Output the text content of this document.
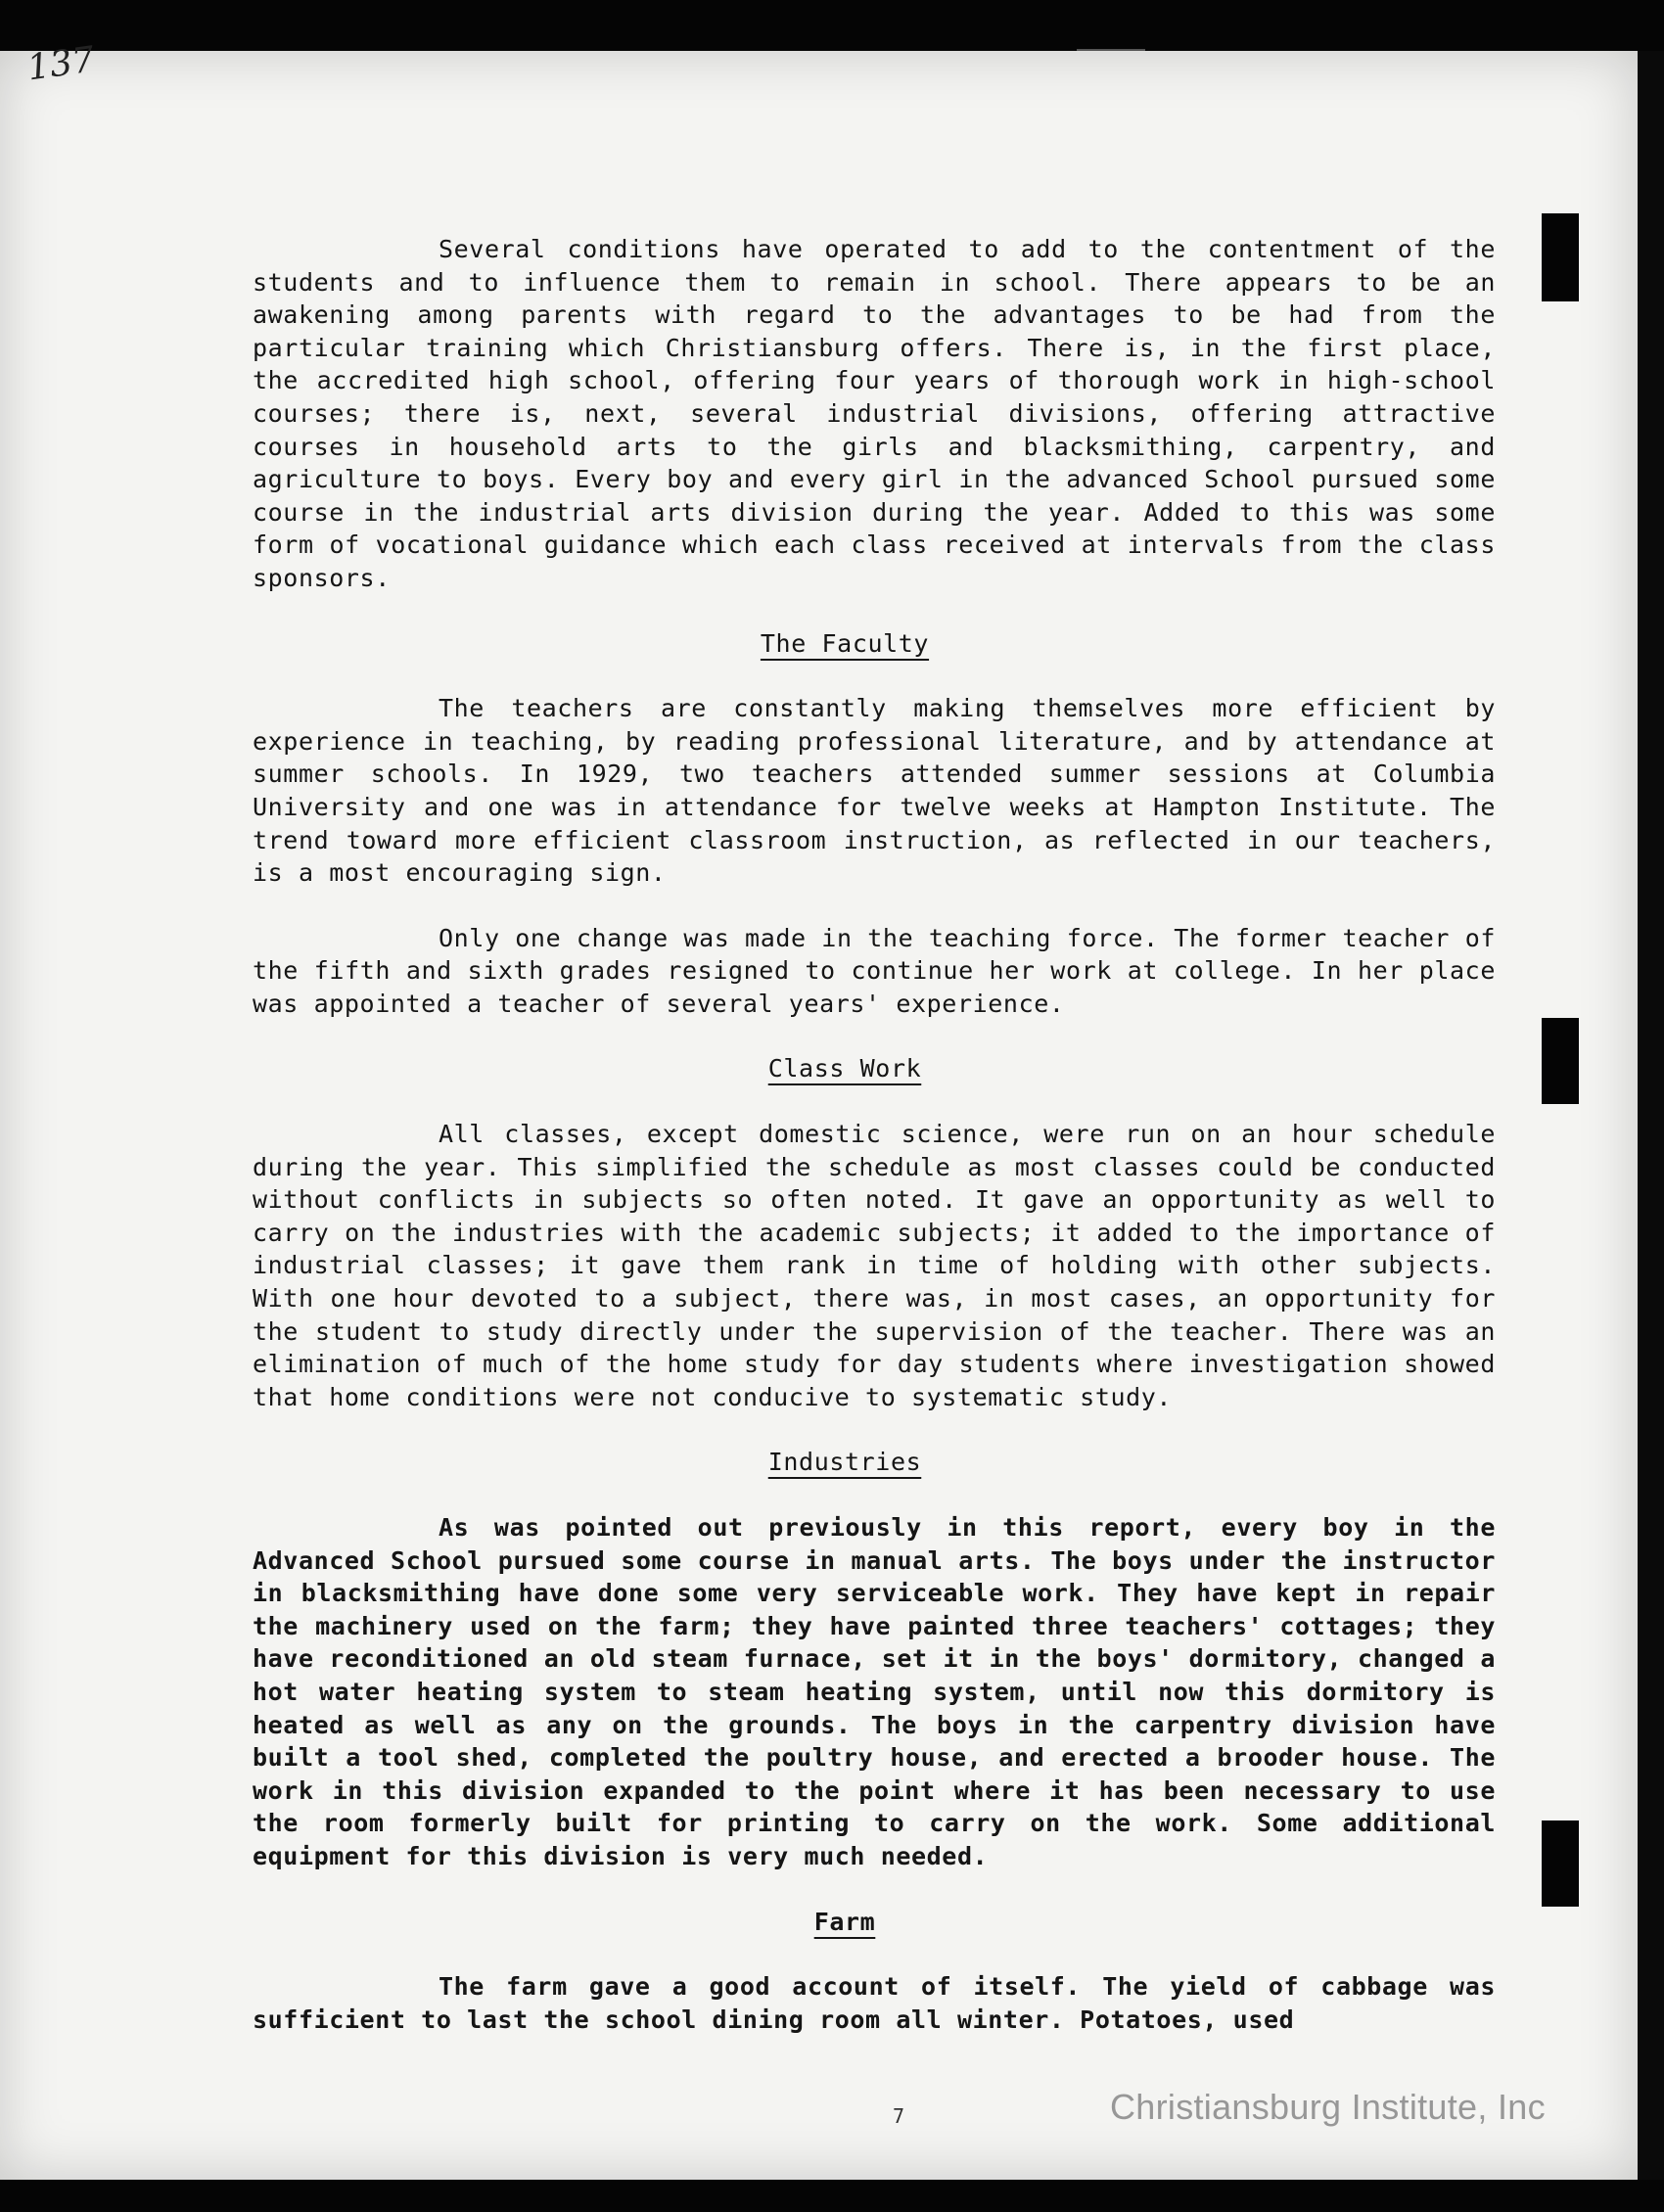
137

Several conditions have operated to add to the contentment of the students and to influence them to remain in school. There appears to be an awakening among parents with regard to the advantages to be had from the particular training which Christiansburg offers. There is, in the first place, the accredited high school, offering four years of thorough work in high-school courses; there is, next, several industrial divisions, offering attractive courses in household arts to the girls and blacksmithing, carpentry, and agriculture to boys. Every boy and every girl in the advanced School pursued some course in the industrial arts division during the year. Added to this was some form of vocational guidance which each class received at intervals from the class sponsors.

The Faculty

The teachers are constantly making themselves more efficient by experience in teaching, by reading professional literature, and by attendance at summer schools. In 1929, two teachers attended summer sessions at Columbia University and one was in attendance for twelve weeks at Hampton Institute. The trend toward more efficient classroom instruction, as reflected in our teachers, is a most encouraging sign.

Only one change was made in the teaching force. The former teacher of the fifth and sixth grades resigned to continue her work at college. In her place was appointed a teacher of several years' experience.

Class Work

All classes, except domestic science, were run on an hour schedule during the year. This simplified the schedule as most classes could be conducted without conflicts in subjects so often noted. It gave an opportunity as well to carry on the industries with the academic subjects; it added to the importance of industrial classes; it gave them rank in time of holding with other subjects. With one hour devoted to a subject, there was, in most cases, an opportunity for the student to study directly under the supervision of the teacher. There was an elimination of much of the home study for day students where investigation showed that home conditions were not conducive to systematic study.

Industries

As was pointed out previously in this report, every boy in the Advanced School pursued some course in manual arts. The boys under the instructor in blacksmithing have done some very serviceable work. They have kept in repair the machinery used on the farm; they have painted three teachers' cottages; they have reconditioned an old steam furnace, set it in the boys' dormitory, changed a hot water heating system to steam heating system, until now this dormitory is heated as well as any on the grounds. The boys in the carpentry division have built a tool shed, completed the poultry house, and erected a brooder house. The work in this division expanded to the point where it has been necessary to use the room formerly built for printing to carry on the work. Some additional equipment for this division is very much needed.

Farm

The farm gave a good account of itself. The yield of cabbage was sufficient to last the school dining room all winter. Potatoes, used

7	Christiansburg Institute, Inc
